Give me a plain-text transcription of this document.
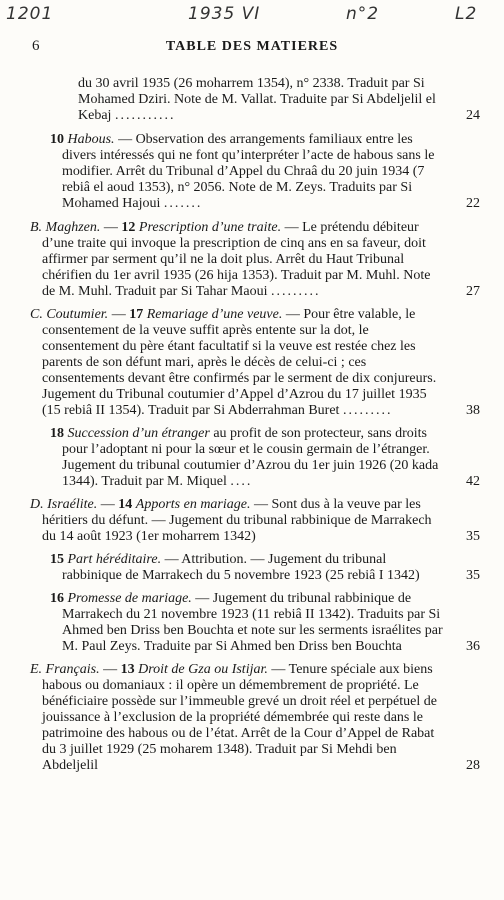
1201	1935 VI	n°2	L2
6	TABLE DES MATIERES
du 30 avril 1935 (26 moharrem 1354), n° 2338. Traduit par Si Mohamed Dziri. Note de M. Vallat. Traduite par Si Abdeljelil el Kebaj ...........	24
10 Habous. — Observation des arrangements familiaux entre les divers intéressés qui ne font qu’interpréter l’acte de habous sans le modifier. Arrêt du Tribunal d’Appel du Chraâ du 20 juin 1934 (7 rebiâ el aoud 1353), n° 2056. Note de M. Zeys. Traduits par Si Mohamed Hajoui .......	22
B. Maghzen. — 12 Prescription d’une traite. — Le prétendu débiteur d’une traite qui invoque la prescription de cinq ans en sa faveur, doit affirmer par serment qu’il ne la doit plus. Arrêt du Haut Tribunal chérifien du 1er avril 1935 (26 hija 1353). Traduit par M. Muhl. Note de M. Muhl. Traduit par Si Tahar Maoui .........	27
C. Coutumier. — 17 Remariage d’une veuve. — Pour être valable, le consentement de la veuve suffit après entente sur la dot, le consentement du père étant facultatif si la veuve est restée chez les parents de son défunt mari, après le décès de celui-ci ; ces consentements devant être confirmés par le serment de dix conjureurs. Jugement du Tribunal coutumier d’Appel d’Azrou du 17 juillet 1935 (15 rebiâ II 1354). Traduit par Si Abderrahman Buret .........	38
18 Succession d’un étranger au profit de son protecteur, sans droits pour l’adoptant ni pour la sœur et le cousin germain de l’étranger. Jugement du tribunal coutumier d’Azrou du 1er juin 1926 (20 kada 1344). Traduit par M. Miquel ....	42
D. Israélite. — 14 Apports en mariage. — Sont dus à la veuve par les héritiers du défunt. — Jugement du tribunal rabbinique de Marrakech du 14 août 1923 (1er moharrem 1342)	35
15 Part héréditaire. — Attribution. — Jugement du tribunal rabbinique de Marrakech du 5 novembre 1923 (25 rebiâ I 1342)	35
16 Promesse de mariage. — Jugement du tribunal rabbinique de Marrakech du 21 novembre 1923 (11 rebiâ II 1342). Traduits par Si Ahmed ben Driss ben Bouchta et note sur les serments israélites par M. Paul Zeys. Traduite par Si Ahmed ben Driss ben Bouchta	36
E. Français. — 13 Droit de Gza ou Istijar. — Tenure spéciale aux biens habous ou domaniaux : il opère un démembrement de propriété. Le bénéficiaire possède sur l’immeuble grevé un droit réel et perpétuel de jouissance à l’exclusion de la propriété démembrée qui reste dans le patrimoine des habous ou de l’état. Arrêt de la Cour d’Appel de Rabat du 3 juillet 1929 (25 moharem 1348). Traduit par Si Mehdi ben Abdeljelil	28
